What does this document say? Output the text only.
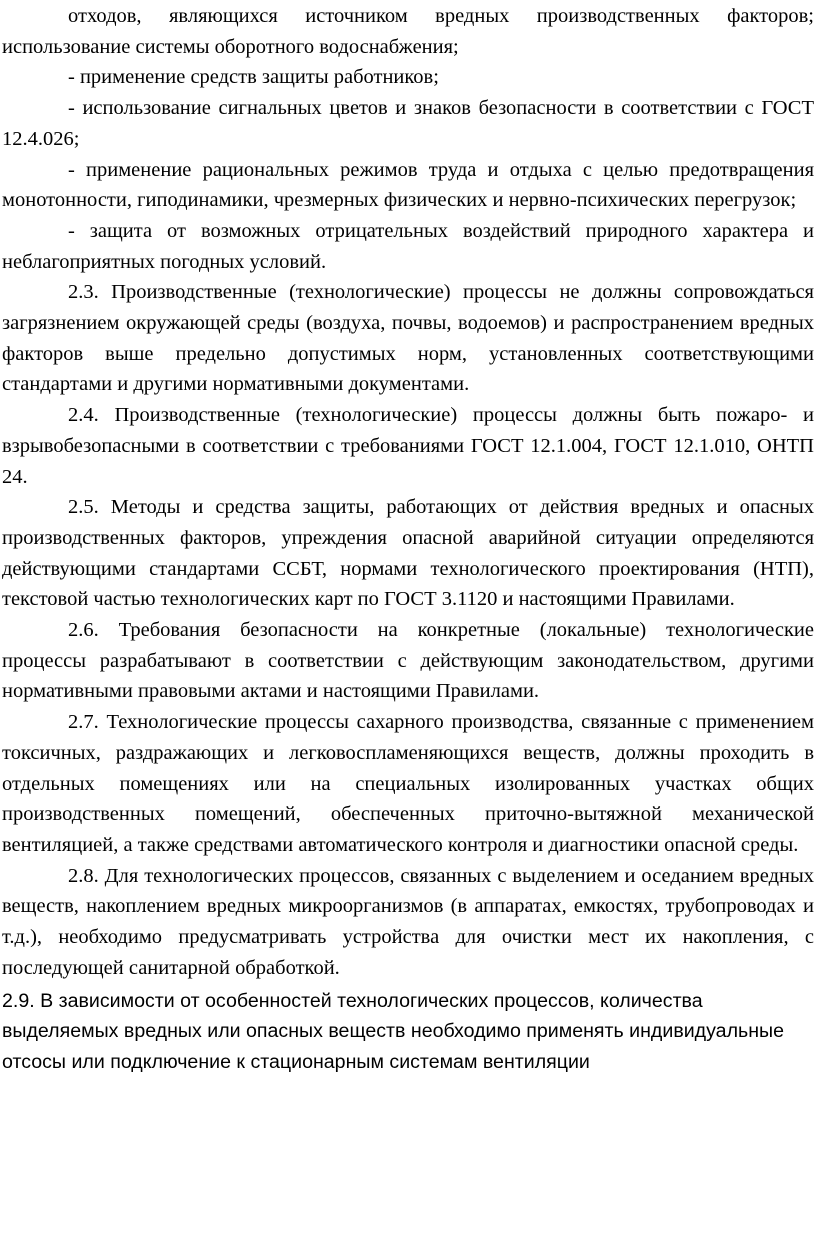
отходов, являющихся источником вредных производственных факторов; использование системы оборотного водоснабжения;

- применение средств защиты работников;

- использование сигнальных цветов и знаков безопасности в соответствии с ГОСТ 12.4.026;

- применение рациональных режимов труда и отдыха с целью предотвращения монотонности, гиподинамики, чрезмерных физических и нервно-психических перегрузок;

- защита от возможных отрицательных воздействий природного характера и неблагоприятных погодных условий.

2.3. Производственные (технологические) процессы не должны сопровождаться загрязнением окружающей среды (воздуха, почвы, водоемов) и распространением вредных факторов выше предельно допустимых норм, установленных соответствующими стандартами и другими нормативными документами.

2.4. Производственные (технологические) процессы должны быть пожаро- и взрывобезопасными в соответствии с требованиями ГОСТ 12.1.004, ГОСТ 12.1.010, ОНТП 24.

2.5. Методы и средства защиты, работающих от действия вредных и опасных производственных факторов, упреждения опасной аварийной ситуации определяются действующими стандартами ССБТ, нормами технологического проектирования (НТП), текстовой частью технологических карт по ГОСТ 3.1120 и настоящими Правилами.

2.6. Требования безопасности на конкретные (локальные) технологические процессы разрабатывают в соответствии с действующим законодательством, другими нормативными правовыми актами и настоящими Правилами.

2.7. Технологические процессы сахарного производства, связанные с применением токсичных, раздражающих и легковоспламеняющихся веществ, должны проходить в отдельных помещениях или на специальных изолированных участках общих производственных помещений, обеспеченных приточно-вытяжной механической вентиляцией, а также средствами автоматического контроля и диагностики опасной среды.

2.8. Для технологических процессов, связанных с выделением и оседанием вредных веществ, накоплением вредных микроорганизмов (в аппаратах, емкостях, трубопроводах и т.д.), необходимо предусматривать устройства для очистки мест их накопления, с последующей санитарной обработкой.

2.9. В зависимости от особенностей технологических процессов, количества выделяемых вредных или опасных веществ необходимо применять индивидуальные отсосы или подключение к стационарным системам вентиляции
